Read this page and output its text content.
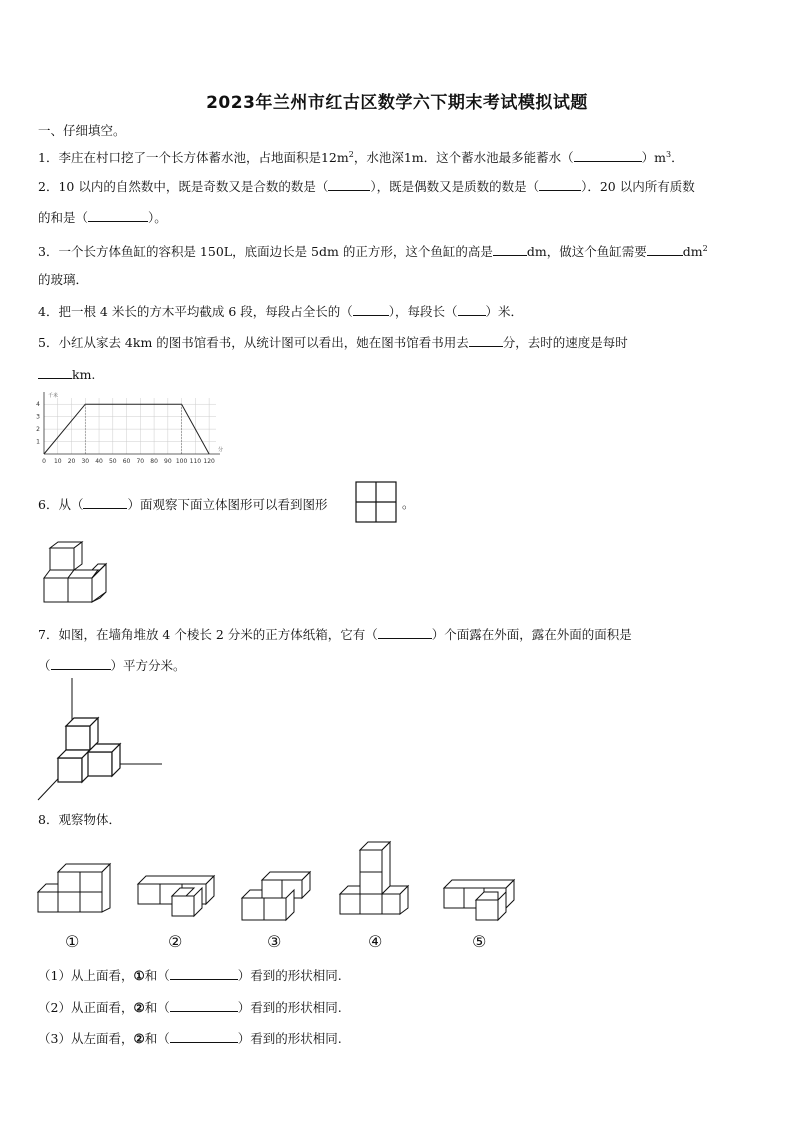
2023年兰州市红古区数学六下期末考试模拟试题
一、仔细填空。
1．李庄在村口挖了一个长方体蓄水池，占地面积是$12m^2$，水池深1m．这个蓄水池最多能蓄水（	）$m^3$．
2．10 以内的自然数中，既是奇数又是合数的数是（	），既是偶数又是质数的数是（	）．20 以内所有质数
的和是（	）。
3．一个长方体鱼缸的容积是 150L，底面边长是 5dm 的正方形，这个鱼缸的高是	dm，做这个鱼缸需要	$dm^2$
的玻璃．
4．把一根 4 米长的方木平均截成 6 段，每段占全长的（	），每段长（ ）米．
5．小红从家去 4km 的图书馆看书，从统计图可以看出，她在图书馆看书用去	分，去时的速度是每时
km.
0 10 20 30 40 50 60 70 80 90 100 110 120
1
2
3
4
千米
分
6．从（	）面观察下面立体图形可以看到图形	。
7．如图，在墙角堆放 4 个棱长 2 分米的正方体纸箱，它有（	）个面露在外面，露在外面的面积是
（	）平方分米。
8．观察物体．
①	②	③	④	⑤
（1）从上面看，①和（	）看到的形状相同.
（2）从正面看，②和（	）看到的形状相同.
（3）从左面看，②和（	）看到的形状相同.
